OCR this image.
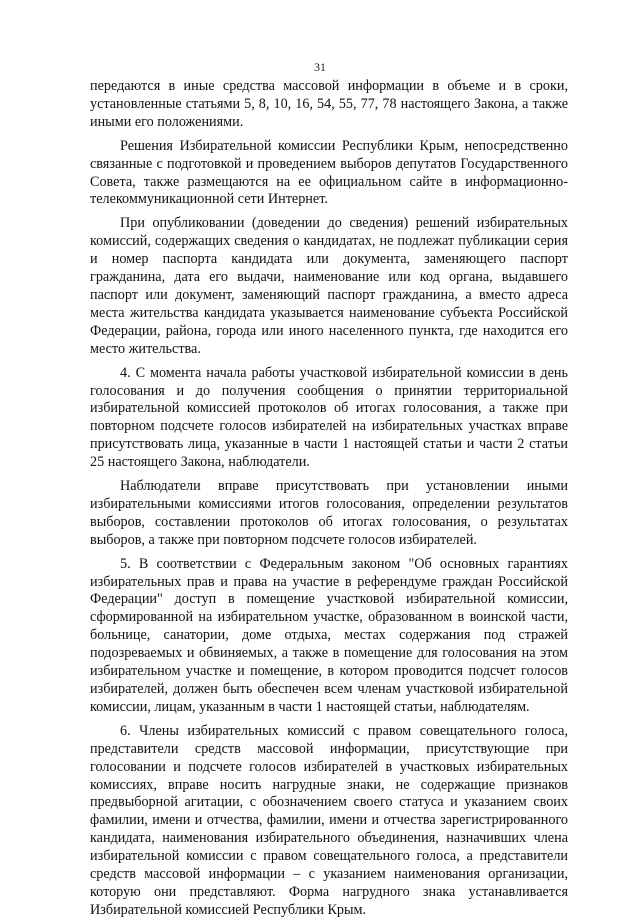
31

передаются в иные средства массовой информации в объеме и в сроки, установленные статьями 5, 8, 10, 16, 54, 55, 77, 78 настоящего Закона, а также иными его положениями.

Решения Избирательной комиссии Республики Крым, непосредственно связанные с подготовкой и проведением выборов депутатов Государственного Совета, также размещаются на ее официальном сайте в информационно-телекоммуникационной сети Интернет.

При опубликовании (доведении до сведения) решений избирательных комиссий, содержащих сведения о кандидатах, не подлежат публикации серия и номер паспорта кандидата или документа, заменяющего паспорт гражданина, дата его выдачи, наименование или код органа, выдавшего паспорт или документ, заменяющий паспорт гражданина, а вместо адреса места жительства кандидата указывается наименование субъекта Российской Федерации, района, города или иного населенного пункта, где находится его место жительства.

4. С момента начала работы участковой избирательной комиссии в день голосования и до получения сообщения о принятии территориальной избирательной комиссией протоколов об итогах голосования, а также при повторном подсчете голосов избирателей на избирательных участках вправе присутствовать лица, указанные в части 1 настоящей статьи и части 2 статьи 25 настоящего Закона, наблюдатели.

Наблюдатели вправе присутствовать при установлении иными избирательными комиссиями итогов голосования, определении результатов выборов, составлении протоколов об итогах голосования, о результатах выборов, а также при повторном подсчете голосов избирателей.

5. В соответствии с Федеральным законом "Об основных гарантиях избирательных прав и права на участие в референдуме граждан Российской Федерации" доступ в помещение участковой избирательной комиссии, сформированной на избирательном участке, образованном в воинской части, больнице, санатории, доме отдыха, местах содержания под стражей подозреваемых и обвиняемых, а также в помещение для голосования на этом избирательном участке и помещение, в котором проводится подсчет голосов избирателей, должен быть обеспечен всем членам участковой избирательной комиссии, лицам, указанным в части 1 настоящей статьи, наблюдателям.

6. Члены избирательных комиссий с правом совещательного голоса, представители средств массовой информации, присутствующие при голосовании и подсчете голосов избирателей в участковых избирательных комиссиях, вправе носить нагрудные знаки, не содержащие признаков предвыборной агитации, с обозначением своего статуса и указанием своих фамилии, имени и отчества, фамилии, имени и отчества зарегистрированного кандидата, наименования избирательного объединения, назначивших члена избирательной комиссии с правом совещательного голоса, а представители средств массовой информации – с указанием наименования организации, которую они представляют. Форма нагрудного знака устанавливается Избирательной комиссией Республики Крым.
